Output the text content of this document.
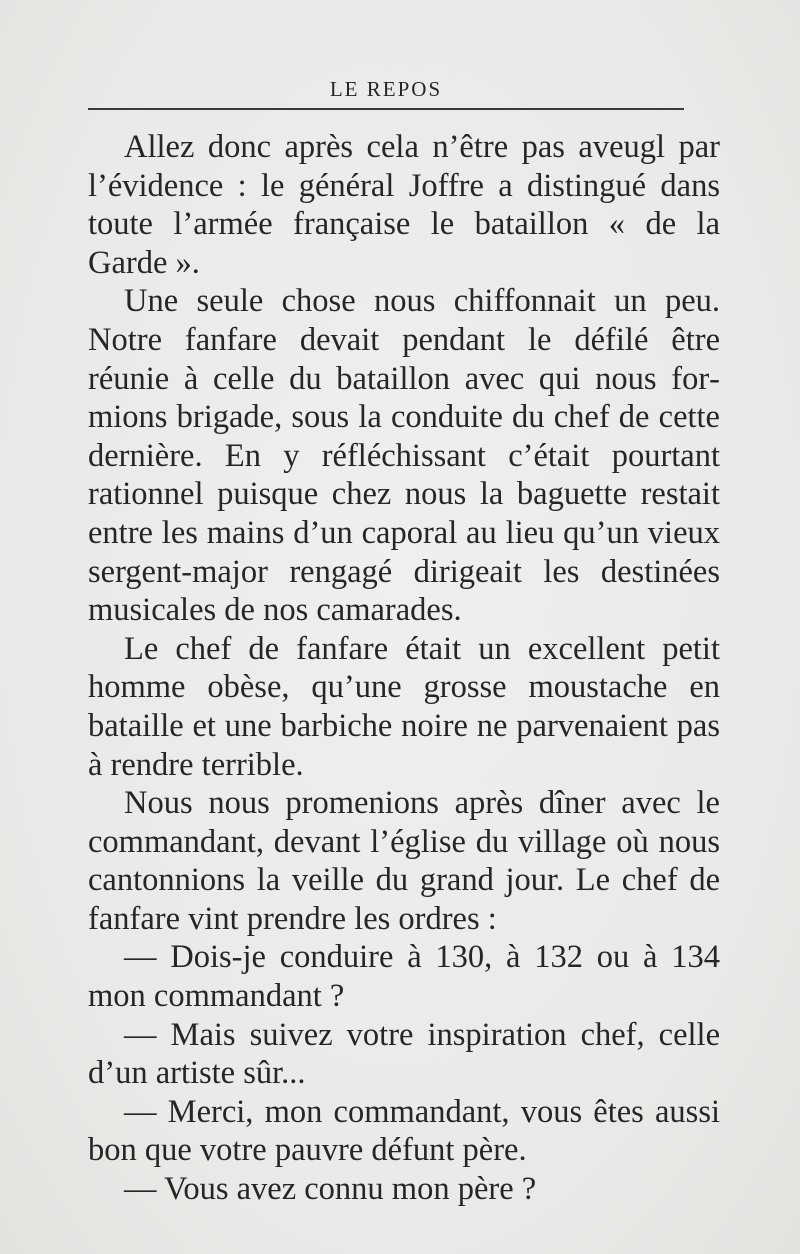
LE REPOS

Allez donc après cela n’être pas aveugl par l’évidence : le général Joffre a distingué dans toute l’armée française le bataillon « de la Garde ».

Une seule chose nous chiffonnait un peu. Notre fanfare devait pendant le défilé être réunie à celle du bataillon avec qui nous formions brigade, sous la conduite du chef de cette dernière. En y réfléchissant c’était pourtant rationnel puisque chez nous la baguette restait entre les mains d’un caporal au lieu qu’un vieux sergent-major rengagé dirigeait les destinées musicales de nos camarades.

Le chef de fanfare était un excellent petit homme obèse, qu’une grosse moustache en bataille et une barbiche noire ne parvenaient pas à rendre terrible.

Nous nous promenions après dîner avec le commandant, devant l’église du village où nous cantonnions la veille du grand jour. Le chef de fanfare vint prendre les ordres :

— Dois-je conduire à 130, à 132 ou à 134 mon commandant ?

— Mais suivez votre inspiration chef, celle d’un artiste sûr...

— Merci, mon commandant, vous êtes aussi bon que votre pauvre défunt père.

— Vous avez connu mon père ?
